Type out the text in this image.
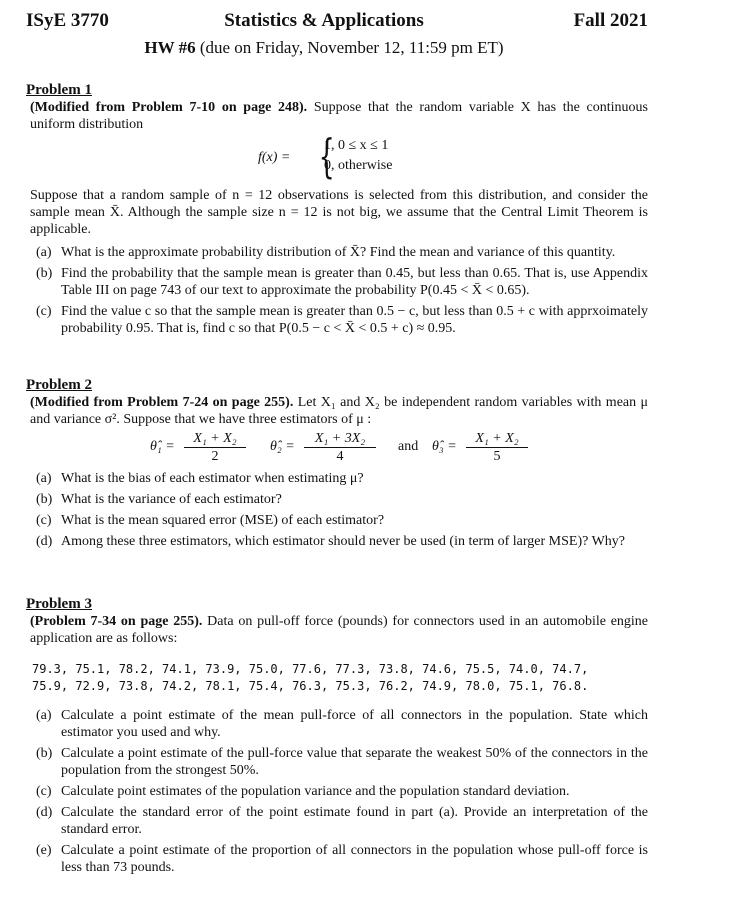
ISyE 3770	Statistics & Applications	Fall 2021
HW #6 (due on Friday, November 12, 11:59 pm ET)
Problem 1
(Modified from Problem 7-10 on page 248). Suppose that the random variable X has the continuous uniform distribution
f(x) = {
1, 0 ≤ x ≤ 1
0, otherwise
Suppose that a random sample of n = 12 observations is selected from this distribution, and consider the sample mean X̄. Although the sample size n = 12 is not big, we assume that the Central Limit Theorem is applicable.
(a) What is the approximate probability distribution of X̄? Find the mean and variance of this quantity.
(b) Find the probability that the sample mean is greater than 0.45, but less than 0.65. That is, use Appendix Table III on page 743 of our text to approximate the probability P(0.45 < X̄ < 0.65).
(c) Find the value c so that the sample mean is greater than 0.5 − c, but less than 0.5 + c with apprxoimately probability 0.95. That is, find c so that P(0.5 − c < X̄ < 0.5 + c) ≈ 0.95.
Problem 2
(Modified from Problem 7-24 on page 255). Let X₁ and X₂ be independent random variables with mean μ and variance σ². Suppose that we have three estimators of μ :
θ̂₁ = $\frac{\text{X₁ + X₂}}{2}$ θ̂₂ = $\frac{\text{X₁ + 3X₂}}{4}$ and θ̂₃ = $\frac{\text{X₁ + X₂}}{5}$
(a) What is the bias of each estimator when estimating μ?
(b) What is the variance of each estimator?
(c) What is the mean squared error (MSE) of each estimator?
(d) Among these three estimators, which estimator should never be used (in term of larger MSE)? Why?
Problem 3
(Problem 7-34 on page 255). Data on pull-off force (pounds) for connectors used in an automobile engine application are as follows:
79.3, 75.1, 78.2, 74.1, 73.9, 75.0, 77.6, 77.3, 73.8, 74.6, 75.5, 74.0, 74.7,
75.9, 72.9, 73.8, 74.2, 78.1, 75.4, 76.3, 75.3, 76.2, 74.9, 78.0, 75.1, 76.8.
(a) Calculate a point estimate of the mean pull-force of all connectors in the population. State which estimator you used and why.
(b) Calculate a point estimate of the pull-force value that separate the weakest 50% of the connectors in the population from the strongest 50%.
(c) Calculate point estimates of the population variance and the population standard deviation.
(d) Calculate the standard error of the point estimate found in part (a). Provide an interpretation of the standard error.
(e) Calculate a point estimate of the proportion of all connectors in the population whose pull-off force is less than 73 pounds.
